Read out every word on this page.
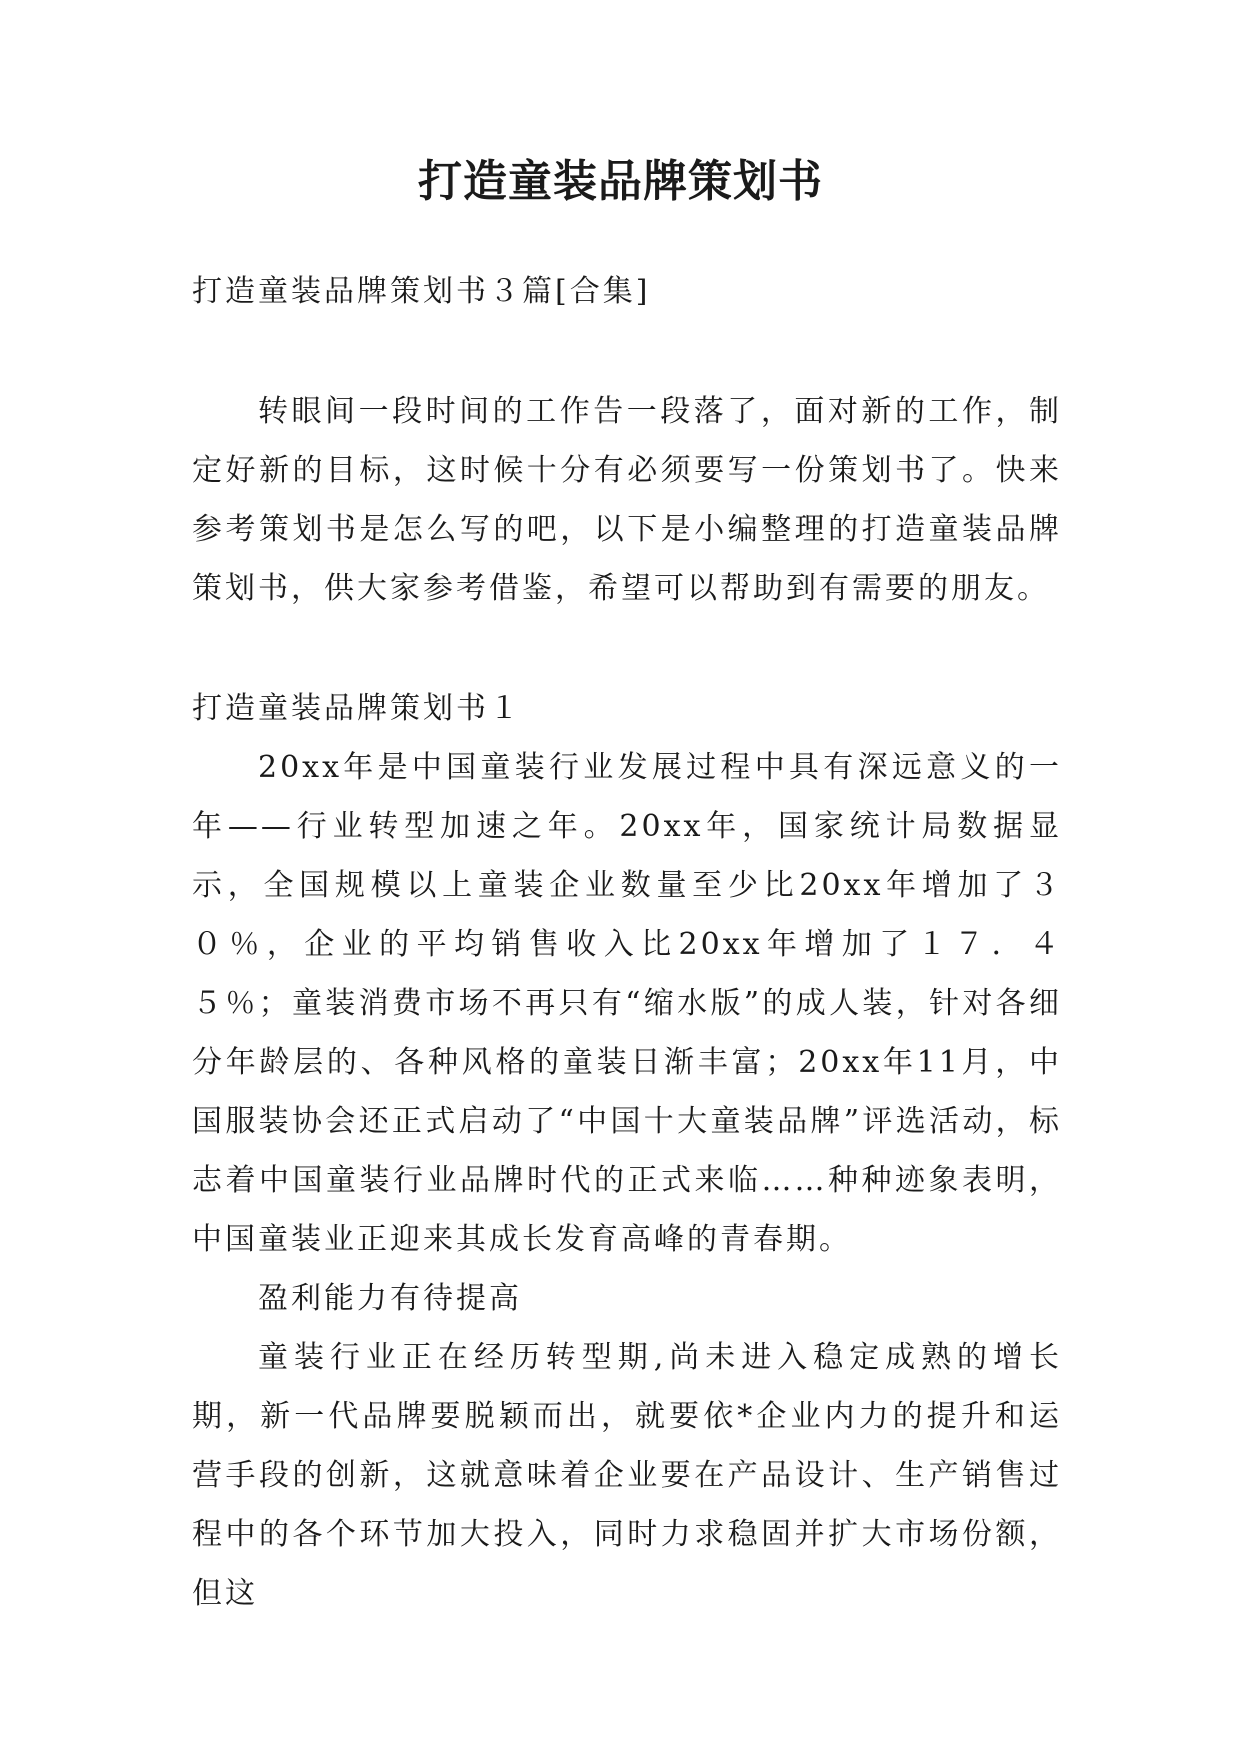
打造童装品牌策划书

打造童装品牌策划书３篇[合集]

转眼间一段时间的工作告一段落了，面对新的工作，制定好新的目标，这时候十分有必须要写一份策划书了。快来参考策划书是怎么写的吧，以下是小编整理的打造童装品牌策划书，供大家参考借鉴，希望可以帮助到有需要的朋友。

打造童装品牌策划书１

20xx年是中国童装行业发展过程中具有深远意义的一年——行业转型加速之年。20xx年，国家统计局数据显示，全国规模以上童装企业数量至少比20xx年增加了３０％，企业的平均销售收入比20xx年增加了１７．４５％；童装消费市场不再只有“缩水版”的成人装，针对各细分年龄层的、各种风格的童装日渐丰富；20xx年11月，中国服装协会还正式启动了“中国十大童装品牌”评选活动，标志着中国童装行业品牌时代的正式来临……种种迹象表明，中国童装业正迎来其成长发育高峰的青春期。

盈利能力有待提高

童装行业正在经历转型期,尚未进入稳定成熟的增长期，新一代品牌要脱颖而出，就要依*企业内力的提升和运营手段的创新，这就意味着企业要在产品设计、生产销售过程中的各个环节加大投入，同时力求稳固并扩大市场份额，但这
